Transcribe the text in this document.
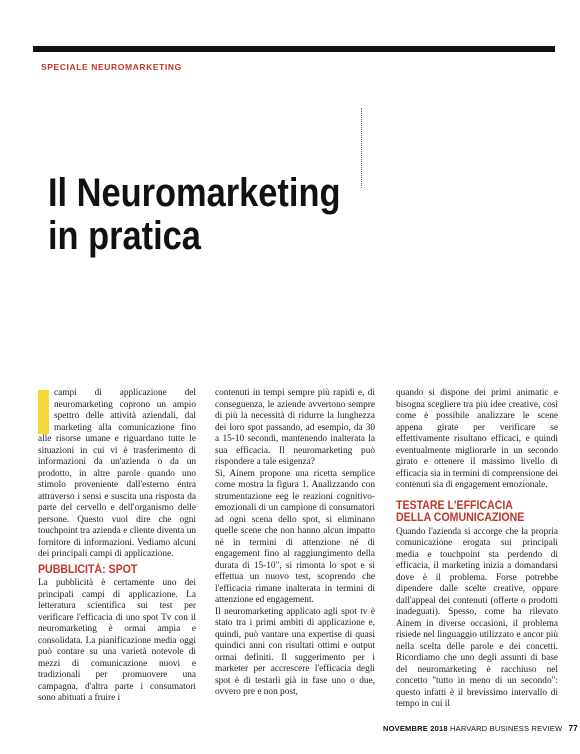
SPECIALE NEUROMARKETING
Il Neuromarketing
in pratica

campi di applicazione del neuromarketing coprono un ampio spettro delle attività aziendali, dal marketing alla comunicazione fino alle risorse umane e riguardano tutte le situazioni in cui vi è trasferimento di informazioni da un'azienda o da un prodotto, in altre parole quando uno stimolo proveniente dall'esterno entra attraverso i sensi e suscita una risposta da parte del cervello e dell'organismo delle persone. Questo vuol dire che ogni touchpoint tra azienda e cliente diventa un fornitore di informazioni. Vediamo alcuni dei principali campi di applicazione.

PUBBLICITÀ: SPOT

La pubblicità è certamente uno dei principali campi di applicazione. La letteratura scientifica sui test per verificare l'efficacia di uno spot Tv con il neuromarketing è ormai ampia e consolidata. La pianificazione media oggi può contare su una varietà notevole di mezzi di comunicazione nuovi e tradizionali per promuovere una campagna, d'altra parte i consumatori sono abituati a fruire i

contenuti in tempi sempre più rapidi e, di conseguenza, le aziende avvertono sempre di più la necessità di ridurre la lunghezza dei loro spot passando, ad esempio, da 30 a 15-10 secondi, mantenendo inalterata la sua efficacia. Il neuromarketing può rispondere a tale esigenza?

Sì, Ainem propone una ricetta semplice come mostra la figura 1. Analizzando con strumentazione eeg le reazioni cognitivo-emozionali di un campione di consumatori ad ogni scena dello spot, si eliminano quelle scene che non hanno alcun impatto né in termini di attenzione né di engagement fino al raggiungimento della durata di 15-10", si rimonta lo spot e si effettua un nuovo test, scoprendo che l'efficacia rimane inalterata in termini di attenzione ed engagement.

Il neuromarketing applicato agli spot tv è stato tra i primi ambiti di applicazione e, quindi, può vantare una expertise di quasi quindici anni con risultati ottimi e output ormai definiti. Il suggerimento per i marketer per accrescere l'efficacia degli spot è di testarli già in fase uno o due, ovvero pre e non post,

quando si dispone dei primi animatic e bisogna scegliere tra più idee creative, così come è possibile analizzare le scene appena girate per verificare se effettivamente risultano efficaci, e quindi eventualmente migliorarle in un secondo girato e ottenere il massimo livello di efficacia sia in termini di comprensione dei contenuti sia di engagement emozionale.

TESTARE L'EFFICACIA
DELLA COMUNICAZIONE

Quando l'azienda si accorge che la propria comunicazione erogata sui principali media e touchpoint sta perdendo di efficacia, il marketing inizia a domandarsi dove è il problema. Forse potrebbe dipendere dalle scelte creative, oppure dall'appeal dei contenuti (offerte o prodotti inadeguati). Spesso, come ha rilevato Ainem in diverse occasioni, il problema risiede nel linguaggio utilizzato e ancor più nella scelta delle parole e dei concetti. Ricordiamo che uno degli assunti di base del neuromarketing è racchiuso nel concetto "tutto in meno di un secondo": questo infatti è il brevissimo intervallo di tempo in cui il

NOVEMBRE 2018 HARVARD BUSINESS REVIEW 77
